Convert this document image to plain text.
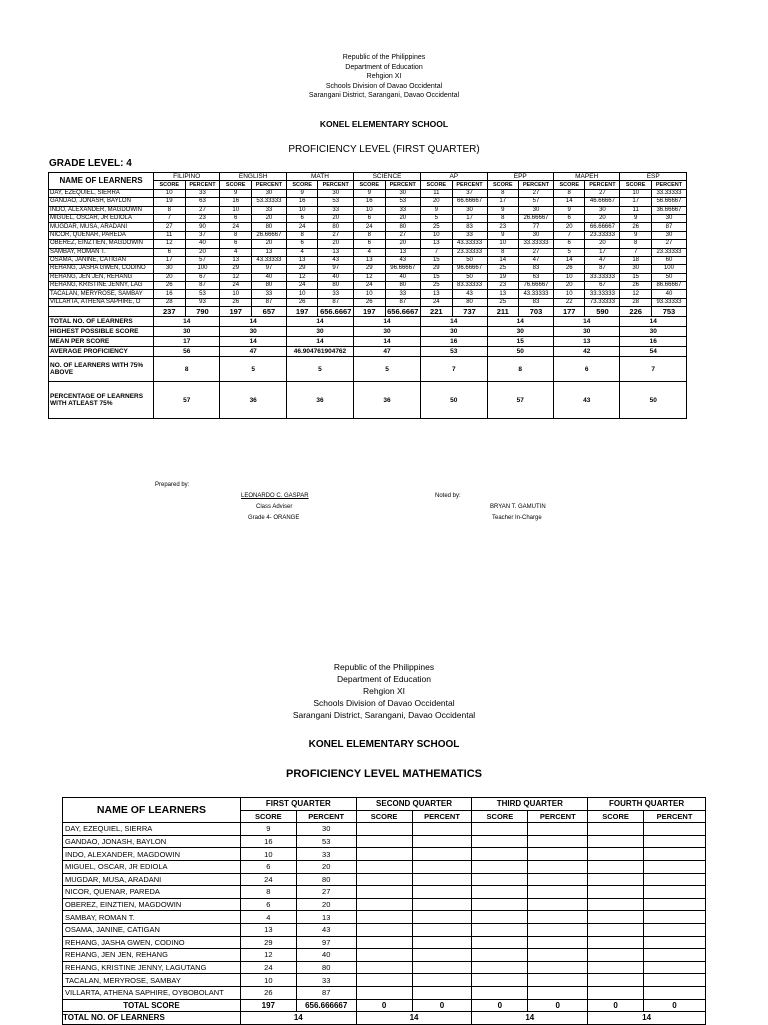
Republic of the Philippines
Department of Education
Rehgion XI
Schools Division of Davao Occidental
Sarangani District, Sarangani, Davao Occidental
KONEL ELEMENTARY SCHOOL
PROFICIENCY LEVEL (FIRST QUARTER)
GRADE LEVEL: 4
NAME OF LEARNERS	FILIPINO		ENGLISH		MATH		SCIENCE		AP		EPP		MAPEH		ESP	
	SCORE	PERCENT	SCORE	PERCENT	SCORE	PERCENT	SCORE	PERCENT	SCORE	PERCENT	SCORE	PERCENT	SCORE	PERCENT	SCORE	PERCENT
DAY, EZEQUIEL, SIERRA	10	33	9	30	9	30	9	30	11	37	8	27	8	27	10	33.33333
GANDAO, JONASH, BAYLON	19	63	16	53.33333	16	53	16	53	20	66.66667	17	57	14	46.66667	17	56.66667
INDO, ALEXANDER, MAGDOWIN	8	27	10	33	10	33	10	33	9	30	9	30	9	30	11	36.66667
MIGUEL, OSCAR, JR EDIOLA	7	23	6	20	6	20	6	20	5	17	8	26.66667	6	20	9	30
MUGDAR, MUSA, ARADANI	27	90	24	80	24	80	24	80	25	83	23	77	20	66.66667	26	87
NICOR, QUENAR, PAREDA	11	37	8	26.66667	8	27	8	27	10	33	9	30	7	23.33333	9	30
OBEREZ, EINZTIEN, MAGDOWIN	12	40	6	20	6	20	6	20	13	43.33333	10	33.33333	6	20	8	27
SAMBAY, ROMAN T.	6	20	4	13	4	13	4	13	7	23.33333	8	27	5	17	7	23.33333
OSAMA, JANINE, CATIGAN	17	57	13	43.33333	13	43	13	43	15	50	14	47	14	47	18	60
REHANG, JASHA GWEN, CODINO	30	100	29	97	29	97	29	96.66667	29	96.66667	25	83	26	87	30	100
REHANG, JEN JEN, REHANG	20	67	12	40	12	40	12	40	15	50	19	63	10	33.33333	15	50
REHANG, KRISTINE JENNY, LAG	26	87	24	80	24	80	24	80	25	83.33333	23	76.66667	20	67	26	86.66667
TACALAN, MERYROSE, SAMBAY	16	53	10	33	10	33	10	33	13	43	13	43.33333	10	33.33333	12	40
VILLARTA, ATHENA SAPHIRE, O	28	93	26	87	26	87	26	87	24	80	25	83	22	73.33333	28	93.33333
	237	790	197	657	197	656.6667	197	656.6667	221	737	211	703	177	590	226	753
TOTAL NO. OF LEARNERS	14		14		14		14		14		14		14		14	
HIGHEST POSSIBLE SCORE	30		30		30		30		30		30		30		30	
MEAN PER SCORE	17		14		14		14		16		15		13		16	
AVERAGE PROFICIENCY	56		47		46.904761904762		47		53		50		42		54	
NO. OF LEARNERS WITH 75% ABOVE	8		5		5		5		7		8		6		7	
PERCENTAGE OF LEARNERS WITH ATLEAST 75%	57		36		36		36		50		57		43		50	
Prepared by:
LEONARDO C. GASPAR
Class Adviser
Grade 4- ORANGE
Noted by:
BRYAN T. GAMUTIN
Teacher In-Charge
Republic of the Philippines
Department of Education
Rehgion XI
Schools Division of Davao Occidental
Sarangani District, Sarangani, Davao Occidental
KONEL ELEMENTARY SCHOOL
PROFICIENCY LEVEL MATHEMATICS
NAME OF LEARNERS	FIRST QUARTER		SECOND QUARTER		THIRD QUARTER		FOURTH QUARTER	
	SCORE	PERCENT	SCORE	PERCENT	SCORE	PERCENT	SCORE	PERCENT
DAY, EZEQUIEL, SIERRA	9	30						
GANDAO, JONASH, BAYLON	16	53						
INDO, ALEXANDER, MAGDOWIN	10	33						
MIGUEL, OSCAR, JR EDIOLA	6	20						
MUGDAR, MUSA, ARADANI	24	80						
NICOR, QUENAR, PAREDA	8	27						
OBEREZ, EINZTIEN, MAGDOWIN	6	20						
SAMBAY, ROMAN T.	4	13						
OSAMA, JANINE, CATIGAN	13	43						
REHANG, JASHA GWEN, CODINO	29	97						
REHANG, JEN JEN, REHANG	12	40						
REHANG, KRISTINE JENNY, LAGUTANG	24	80						
TACALAN, MERYROSE, SAMBAY	10	33						
VILLARTA, ATHENA SAPHIRE, OYBOBOLANT	26	87						
TOTAL SCORE	197	656.666667	0	0	0	0	0	0
TOTAL NO. OF LEARNERS	14		14		14		14	
